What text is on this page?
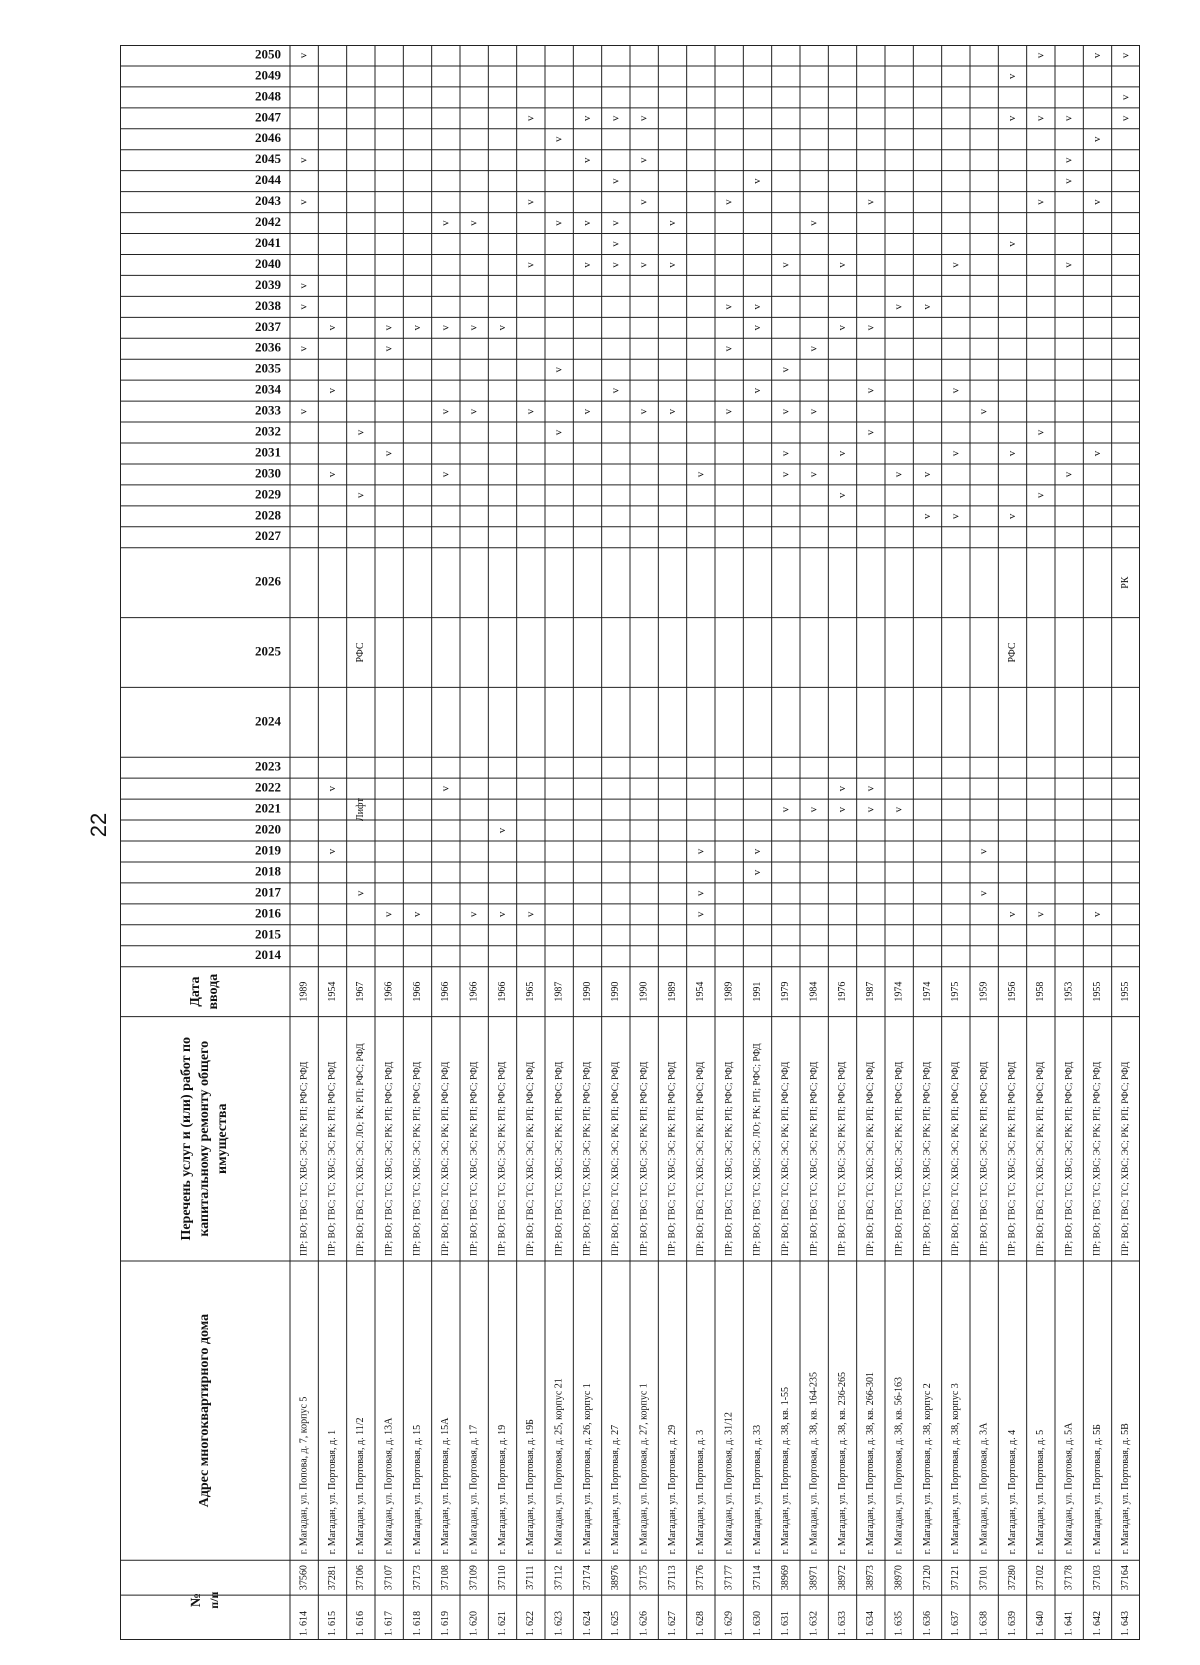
22
№ п/п
Адрес многоквартирного дома
Перечень услуг и (или) работ по капитальному ремонту общего имущества
Дата ввода
2014
2015
2016
2017
2018
2019
2020
2021
2022
2023
2024
2025
2026
2027
2028
2029
2030
2031
2032
2033
2034
2035
2036
2037
2038
2039
2040
2041
2042
2043
2044
2045
2046
2047
2048
2049
2050
1. 614
37560
г. Магадан, ул. Попова, д. 7, корпус 5
ПР; ВО; ГВС; ТС; ХВС; ЭС; РК; РП; РФС; РФД
1989
v
v
v
v
v
v
v
1. 615
37281
г. Магадан, ул. Портовая, д. 1
ПР; ВО; ГВС; ТС; ХВС; ЭС; РК; РП; РФС; РФД
1954
v
v
v
v
v
1. 616
37106
г. Магадан, ул. Портовая, д. 11/2
ПР; ВО; ГВС; ТС; ХВС; ЭС; ЛО; РК; РП; РФС; РФД
1967
v
Лифт
РФС
v
v
1. 617
37107
г. Магадан, ул. Портовая, д. 13А
ПР; ВО; ГВС; ТС; ХВС; ЭС; РК; РП; РФС; РФД
1966
v
v
v
v
1. 618
37173
г. Магадан, ул. Портовая, д. 15
ПР; ВО; ГВС; ТС; ХВС; ЭС; РК; РП; РФС; РФД
1966
v
v
1. 619
37108
г. Магадан, ул. Портовая, д. 15А
ПР; ВО; ГВС; ТС; ХВС; ЭС; РК; РП; РФС; РФД
1966
v
v
v
v
v
1. 620
37109
г. Магадан, ул. Портовая, д. 17
ПР; ВО; ГВС; ТС; ХВС; ЭС; РК; РП; РФС; РФД
1966
v
v
v
v
1. 621
37110
г. Магадан, ул. Портовая, д. 19
ПР; ВО; ГВС; ТС; ХВС; ЭС; РК; РП; РФС; РФД
1966
v
v
v
1. 622
37111
г. Магадан, ул. Портовая, д. 19Б
ПР; ВО; ГВС; ТС; ХВС; ЭС; РК; РП; РФС; РФД
1965
v
v
v
v
v
1. 623
37112
г. Магадан, ул. Портовая, д. 25, корпус 21
ПР; ВО; ГВС; ТС; ХВС; ЭС; РК; РП; РФС; РФД
1987
v
v
v
v
1. 624
37174
г. Магадан, ул. Портовая, д. 26, корпус 1
ПР; ВО; ГВС; ТС; ХВС; ЭС; РК; РП; РФС; РФД
1990
v
v
v
v
v
1. 625
38976
г. Магадан, ул. Портовая, д. 27
ПР; ВО; ГВС; ТС; ХВС; ЭС; РК; РП; РФС; РФД
1990
v
v
v
v
v
v
1. 626
37175
г. Магадан, ул. Портовая, д. 27, корпус 1
ПР; ВО; ГВС; ТС; ХВС; ЭС; РК; РП; РФС; РФД
1990
v
v
v
v
v
1. 627
37113
г. Магадан, ул. Портовая, д. 29
ПР; ВО; ГВС; ТС; ХВС; ЭС; РК; РП; РФС; РФД
1989
v
v
v
1. 628
37176
г. Магадан, ул. Портовая, д. 3
ПР; ВО; ГВС; ТС; ХВС; ЭС; РК; РП; РФС; РФД
1954
v
v
v
v
1. 629
37177
г. Магадан, ул. Портовая, д. 31/12
ПР; ВО; ГВС; ТС; ХВС; ЭС; РК; РП; РФС; РФД
1989
v
v
v
v
1. 630
37114
г. Магадан, ул. Портовая, д. 33
ПР; ВО; ГВС; ТС; ХВС; ЭС; ЛО; РК; РП; РФС; РФД
1991
v
v
v
v
v
v
1. 631
38969
г. Магадан, ул. Портовая, д. 38, кв. 1-55
ПР; ВО; ГВС; ТС; ХВС; ЭС; РК; РП; РФС; РФД
1979
v
v
v
v
v
v
1. 632
38971
г. Магадан, ул. Портовая, д. 38, кв. 164-235
ПР; ВО; ГВС; ТС; ХВС; ЭС; РК; РП; РФС; РФД
1984
v
v
v
v
v
1. 633
38972
г. Магадан, ул. Портовая, д. 38, кв. 236-265
ПР; ВО; ГВС; ТС; ХВС; ЭС; РК; РП; РФС; РФД
1976
v
v
v
v
v
v
1. 634
38973
г. Магадан, ул. Портовая, д. 38, кв. 266-301
ПР; ВО; ГВС; ТС; ХВС; ЭС; РК; РП; РФС; РФД
1987
v
v
v
v
v
v
1. 635
38970
г. Магадан, ул. Портовая, д. 38, кв. 56-163
ПР; ВО; ГВС; ТС; ХВС; ЭС; РК; РП; РФС; РФД
1974
v
v
v
1. 636
37120
г. Магадан, ул. Портовая, д. 38, корпус 2
ПР; ВО; ГВС; ТС; ХВС; ЭС; РК; РП; РФС; РФД
1974
v
v
v
1. 637
37121
г. Магадан, ул. Портовая, д. 38, корпус 3
ПР; ВО; ГВС; ТС; ХВС; ЭС; РК; РП; РФС; РФД
1975
v
v
v
v
1. 638
37101
г. Магадан, ул. Портовая, д. 3А
ПР; ВО; ГВС; ТС; ХВС; ЭС; РК; РП; РФС; РФД
1959
v
v
v
1. 639
37280
г. Магадан, ул. Портовая, д. 4
ПР; ВО; ГВС; ТС; ХВС; ЭС; РК; РП; РФС; РФД
1956
v
РФС
v
v
v
v
v
1. 640
37102
г. Магадан, ул. Портовая, д. 5
ПР; ВО; ГВС; ТС; ХВС; ЭС; РК; РП; РФС; РФД
1958
v
v
v
v
v
v
1. 641
37178
г. Магадан, ул. Портовая, д. 5А
ПР; ВО; ГВС; ТС; ХВС; ЭС; РК; РП; РФС; РФД
1953
v
v
v
v
v
1. 642
37103
г. Магадан, ул. Портовая, д. 5Б
ПР; ВО; ГВС; ТС; ХВС; ЭС; РК; РП; РФС; РФД
1955
v
v
v
v
v
1. 643
37164
г. Магадан, ул. Портовая, д. 5В
ПР; ВО; ГВС; ТС; ХВС; ЭС; РК; РП; РФС; РФД
1955
РК
v
v
v
